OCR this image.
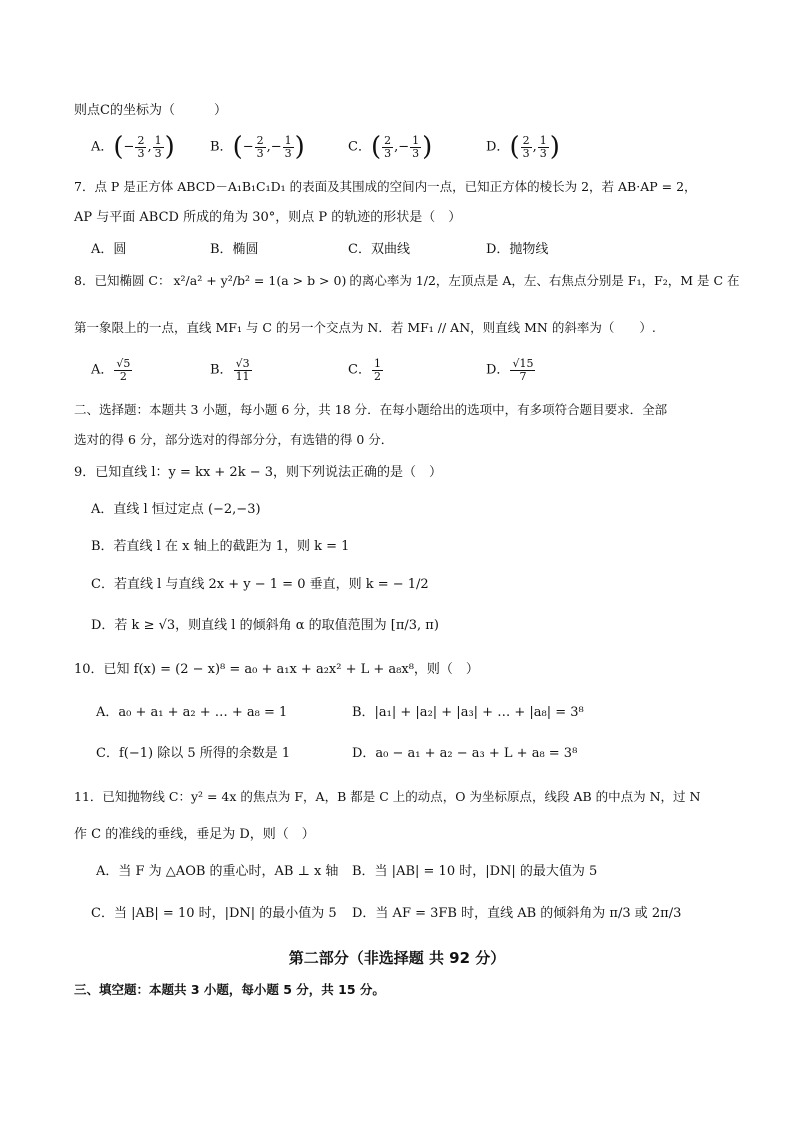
则点C的坐标为（　　　）
A．(− $\frac{2}{3}$ , $\frac{1}{3}$ )	B．(− $\frac{2}{3}$ ,− $\frac{1}{3}$ )	C．( $\frac{2}{3}$ ,− $\frac{1}{3}$ )	D．( $\frac{2}{3}$ , $\frac{1}{3}$ )
7．点 P 是正方体 ABCD－A₁B₁C₁D₁ 的表面及其围成的空间内一点，已知正方体的棱长为 2，若 AB·AP = 2，
AP 与平面 ABCD 所成的角为 30°，则点 P 的轨迹的形状是（　）
A．圆	B．椭圆	C．双曲线	D．抛物线
8．已知椭圆 C： x²/a² + y²/b² = 1(a > b > 0) 的离心率为 1/2，左顶点是 A，左、右焦点分别是 F₁，F₂，M 是 C 在
第一象限上的一点，直线 MF₁ 与 C 的另一个交点为 N．若 MF₁ // AN，则直线 MN 的斜率为（　　）.
A． $\frac{√5}{2}$	B． $\frac{√3}{11}$	C． $\frac{1}{2}$	D． $\frac{√15}{7}$
二、选择题：本题共 3 小题，每小题 6 分，共 18 分．在每小题给出的选项中，有多项符合题目要求．全部
选对的得 6 分，部分选对的得部分分，有选错的得 0 分．
9．已知直线 l：y = kx + 2k − 3，则下列说法正确的是（　）
A．直线 l 恒过定点 (−2,−3)
B．若直线 l 在 x 轴上的截距为 1，则 k = 1
C．若直线 l 与直线 2x + y − 1 = 0 垂直，则 k = − 1/2
D．若 k ≥ √3，则直线 l 的倾斜角 α 的取值范围为 [π/3, π)
10．已知 f(x) = (2 − x)⁸ = a₀ + a₁x + a₂x² + L + a₈x⁸，则（　）
A．a₀ + a₁ + a₂ + … + a₈ = 1	B．|a₁| + |a₂| + |a₃| + … + |a₈| = 3⁸
C．f(−1) 除以 5 所得的余数是 1	D．a₀ − a₁ + a₂ − a₃ + L + a₈ = 3⁸
11．已知抛物线 C：y² = 4x 的焦点为 F，A，B 都是 C 上的动点，O 为坐标原点，线段 AB 的中点为 N，过 N
作 C 的准线的垂线，垂足为 D，则（　）
A．当 F 为 △AOB 的重心时，AB ⊥ x 轴 B．当 |AB| = 10 时，|DN| 的最大值为 5
C．当 |AB| = 10 时，|DN| 的最小值为 5 D．当 AF = 3FB 时，直线 AB 的倾斜角为 π/3 或 2π/3
第二部分（非选择题 共 92 分）
三、填空题：本题共 3 小题，每小题 5 分，共 15 分。
